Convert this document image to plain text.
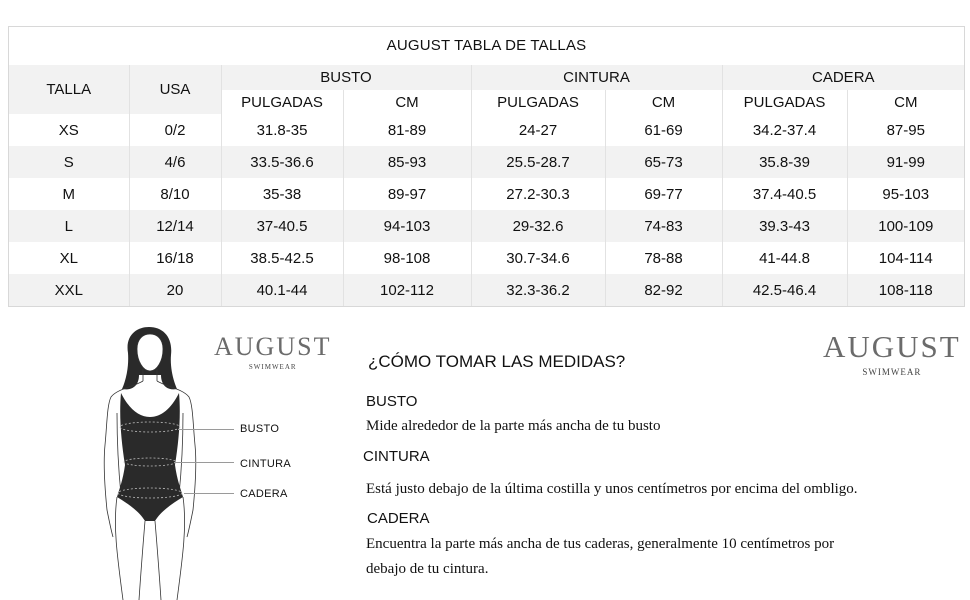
AUGUST TABLA DE TALLAS
TALLA	USA	BUSTO		CINTURA		CADERA	
		PULGADAS	CM	PULGADAS	CM	PULGADAS	CM
XS	0/2	31.8-35	81-89	24-27	61-69	34.2-37.4	87-95
S	4/6	33.5-36.6	85-93	25.5-28.7	65-73	35.8-39	91-99
M	8/10	35-38	89-97	27.2-30.3	69-77	37.4-40.5	95-103
L	12/14	37-40.5	94-103	29-32.6	74-83	39.3-43	100-109
XL	16/18	38.5-42.5	98-108	30.7-34.6	78-88	41-44.8	104-114
XXL	20	40.1-44	102-112	32.3-36.2	82-92	42.5-46.4	108-118
BUSTO
CINTURA
CADERA
AUGUST
SWIMWEAR
AUGUST
SWIMWEAR
¿CÓMO TOMAR LAS MEDIDAS?
BUSTO
Mide alrededor de la parte más ancha de tu busto
CINTURA
Está justo debajo de la última costilla y unos centímetros por encima del ombligo.
CADERA
Encuentra la parte más ancha de tus caderas, generalmente 10 centímetros por
debajo de tu cintura.
